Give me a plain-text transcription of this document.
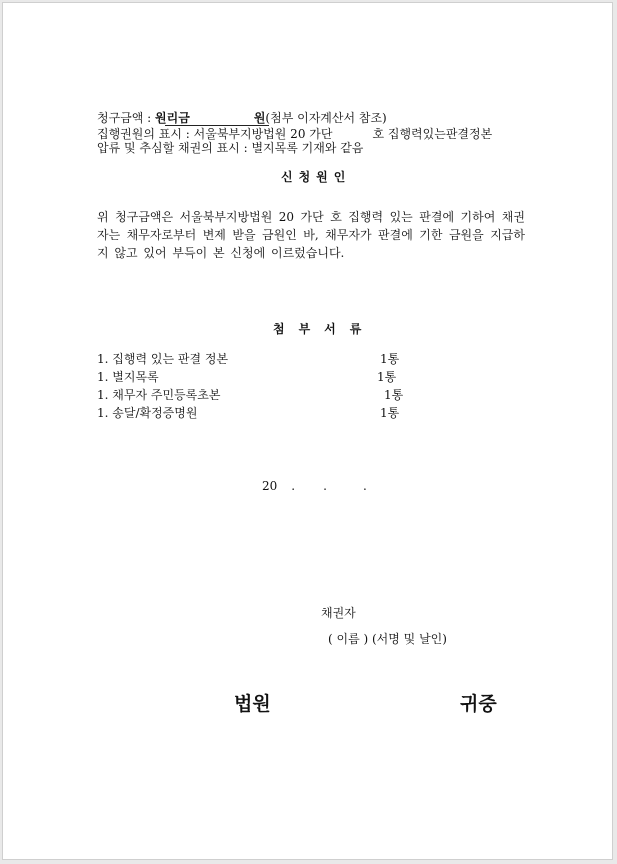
청구금액 : 원리금	원(첨부 이자계산서 참조)
집행권원의 표시 : 서울북부지방법원 20 가단	호 집행력있는판결정본
압류 및 추심할 채권의 표시 : 별지목록 기재와 같음
신청원인
위 청구금액은 서울북부지방법원 20 가단 호 집행력 있는 판결에 기하여 채권자는 채무자로부터 변제 받을 금원인 바, 채무자가 판결에 기한 금원을 지급하지 않고 있어 부득이 본 신청에 이르렀습니다.
첨부서류
1. 집행력 있는 판결 정본	1통
1. 별지목록	1통
1. 채무자 주민등록초본	1통
1. 송달/확정증명원	1통
20 . .	.
채권자
( 이름 ) (서명 및 날인)
법원	귀중
